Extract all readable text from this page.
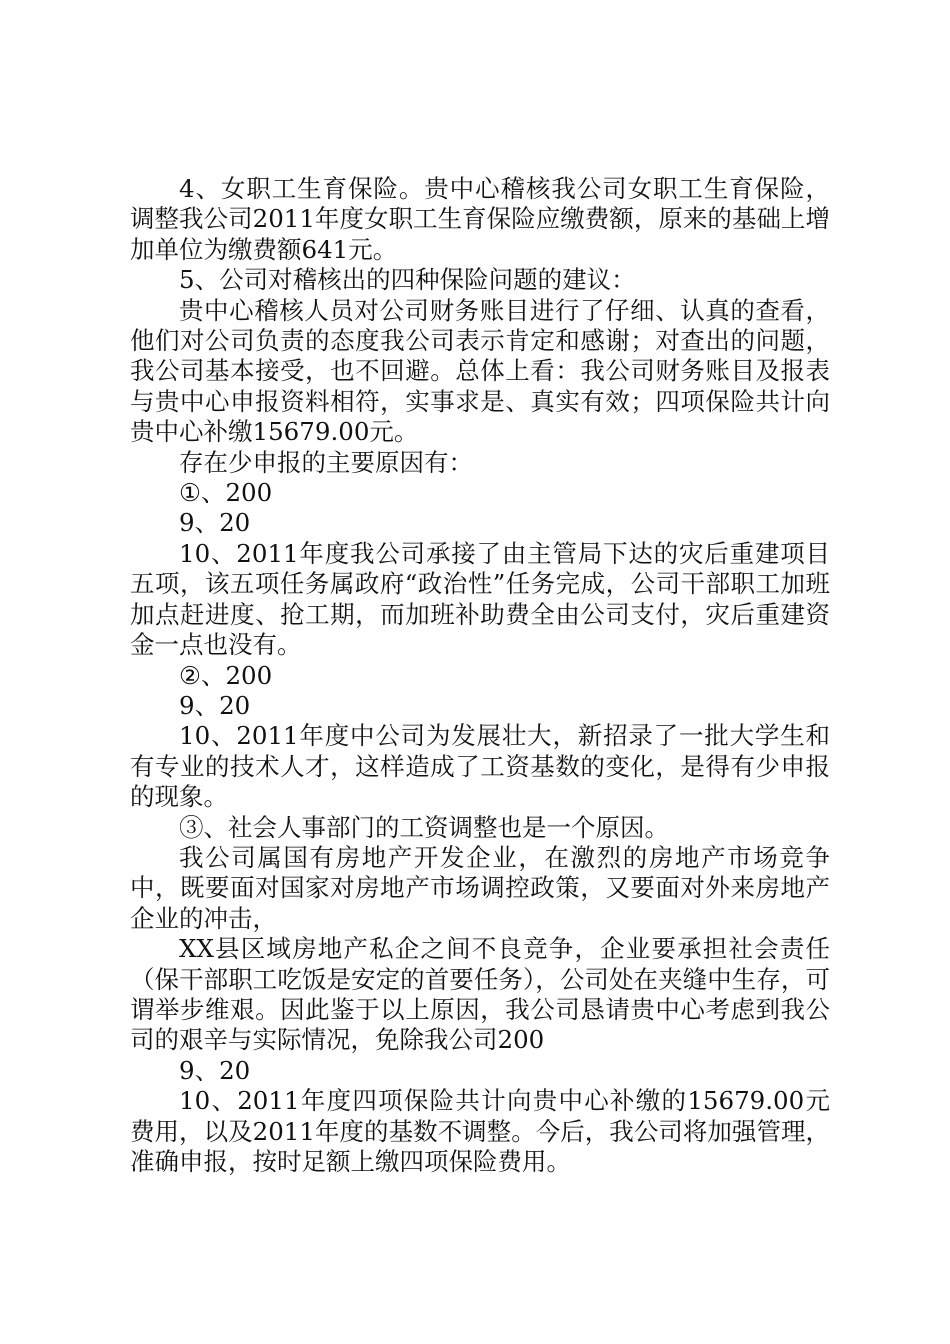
4、女职工生育保险。贵中心稽核我公司女职工生育保险，调整我公司2011年度女职工生育保险应缴费额，原来的基础上增加单位为缴费额641元。

5、公司对稽核出的四种保险问题的建议：

贵中心稽核人员对公司财务账目进行了仔细、认真的查看，他们对公司负责的态度我公司表示肯定和感谢；对查出的问题，我公司基本接受，也不回避。总体上看：我公司财务账目及报表与贵中心申报资料相符，实事求是、真实有效；四项保险共计向贵中心补缴15679.00元。

存在少申报的主要原因有：

①、200

9、20

10、2011年度我公司承接了由主管局下达的灾后重建项目五项，该五项任务属政府“政治性”任务完成，公司干部职工加班加点赶进度、抢工期，而加班补助费全由公司支付，灾后重建资金一点也没有。

②、200

9、20

10、2011年度中公司为发展壮大，新招录了一批大学生和有专业的技术人才，这样造成了工资基数的变化，是得有少申报的现象。

③、社会人事部门的工资调整也是一个原因。

我公司属国有房地产开发企业，在激烈的房地产市场竞争中，既要面对国家对房地产市场调控政策，又要面对外来房地产企业的冲击，

XX县区域房地产私企之间不良竞争，企业要承担社会责任（保干部职工吃饭是安定的首要任务），公司处在夹缝中生存，可谓举步维艰。因此鉴于以上原因，我公司恳请贵中心考虑到我公司的艰辛与实际情况，免除我公司200

9、20

10、2011年度四项保险共计向贵中心补缴的15679.00元费用，以及2011年度的基数不调整。今后，我公司将加强管理，准确申报，按时足额上缴四项保险费用。
